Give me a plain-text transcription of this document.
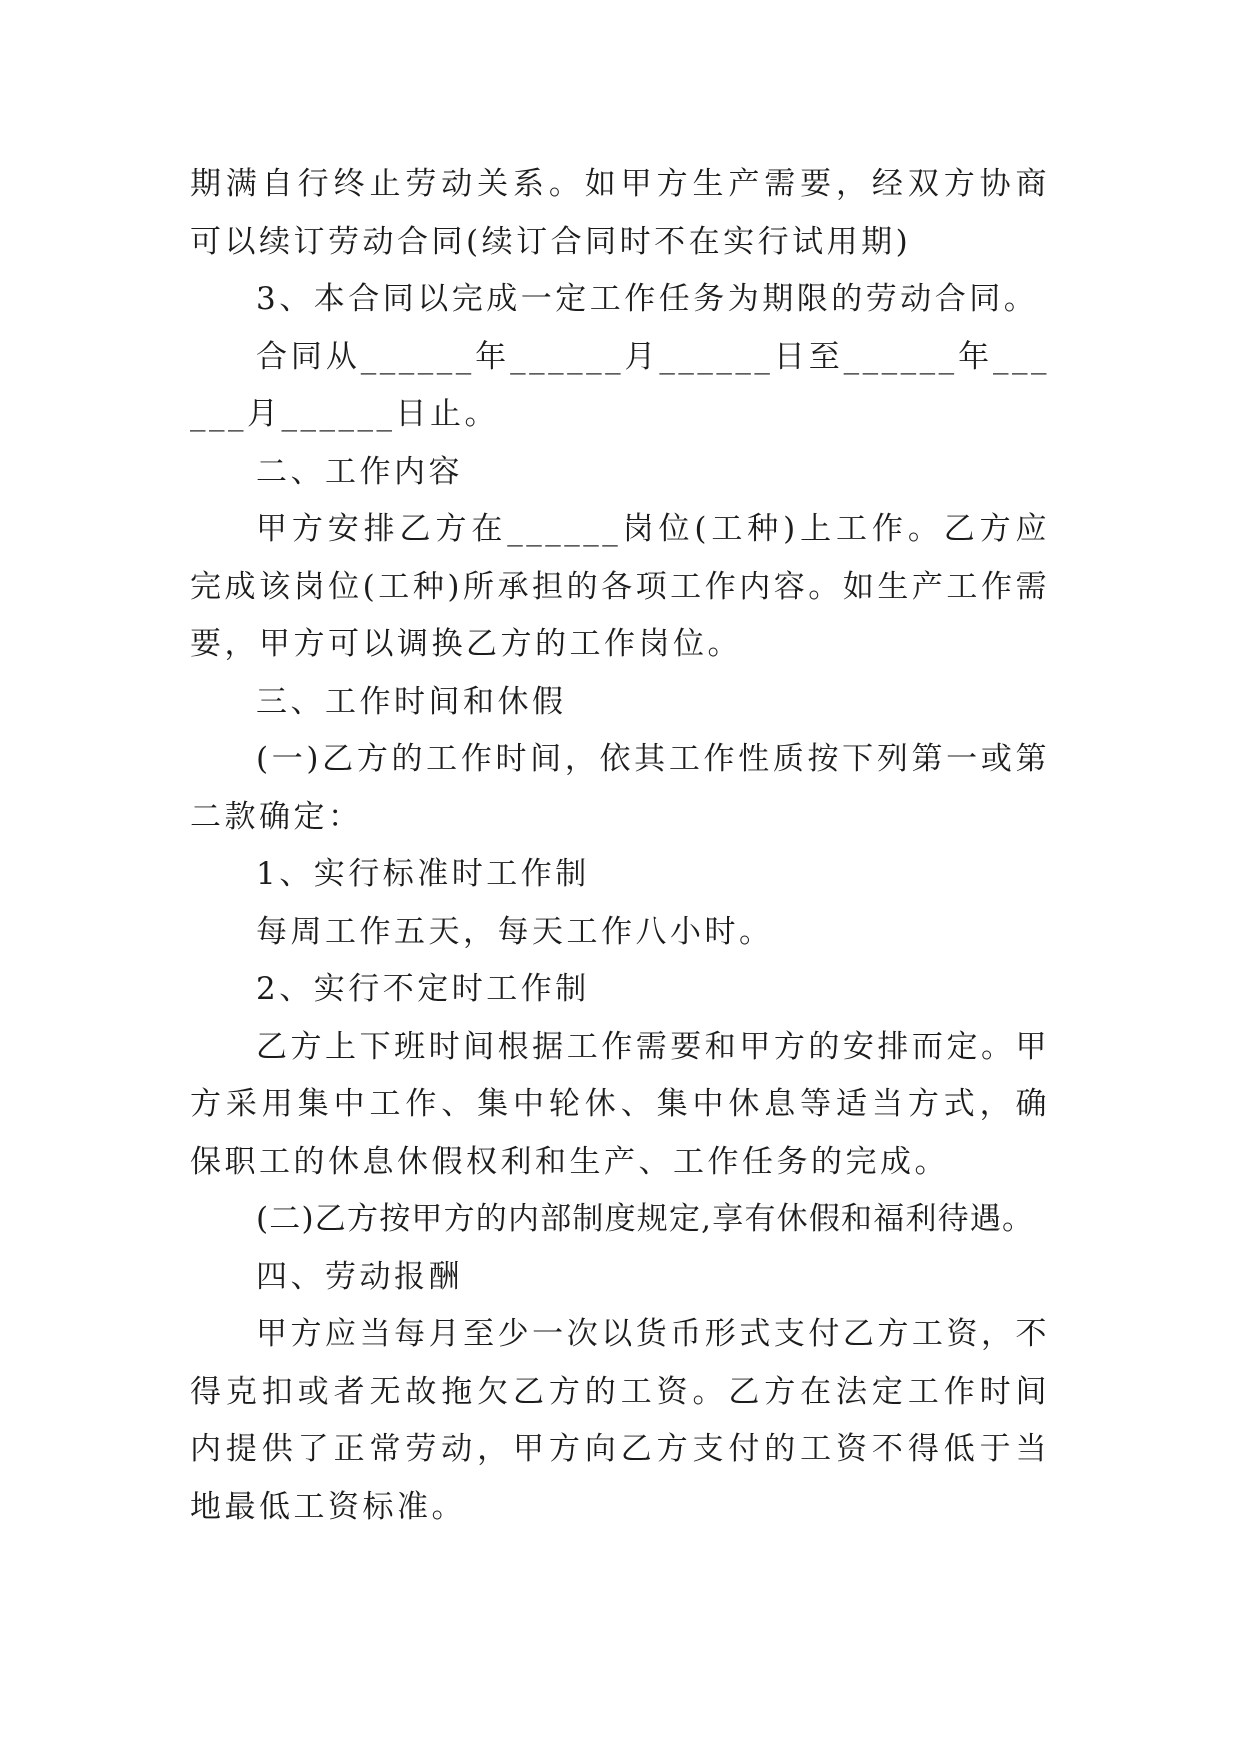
期满自行终止劳动关系。如甲方生产需要，经双方协商可以续订劳动合同(续订合同时不在实行试用期)

3、本合同以完成一定工作任务为期限的劳动合同。

合同从______年______月______日至______年______月______日止。

二、工作内容

甲方安排乙方在______岗位(工种)上工作。乙方应完成该岗位(工种)所承担的各项工作内容。如生产工作需要，甲方可以调换乙方的工作岗位。

三、工作时间和休假

(一)乙方的工作时间，依其工作性质按下列第一或第二款确定：

1、实行标准时工作制

每周工作五天，每天工作八小时。

2、实行不定时工作制

乙方上下班时间根据工作需要和甲方的安排而定。甲方采用集中工作、集中轮休、集中休息等适当方式，确保职工的休息休假权利和生产、工作任务的完成。

(二)乙方按甲方的内部制度规定,享有休假和福利待遇。

四、劳动报酬

甲方应当每月至少一次以货币形式支付乙方工资，不得克扣或者无故拖欠乙方的工资。乙方在法定工作时间内提供了正常劳动，甲方向乙方支付的工资不得低于当地最低工资标准。
